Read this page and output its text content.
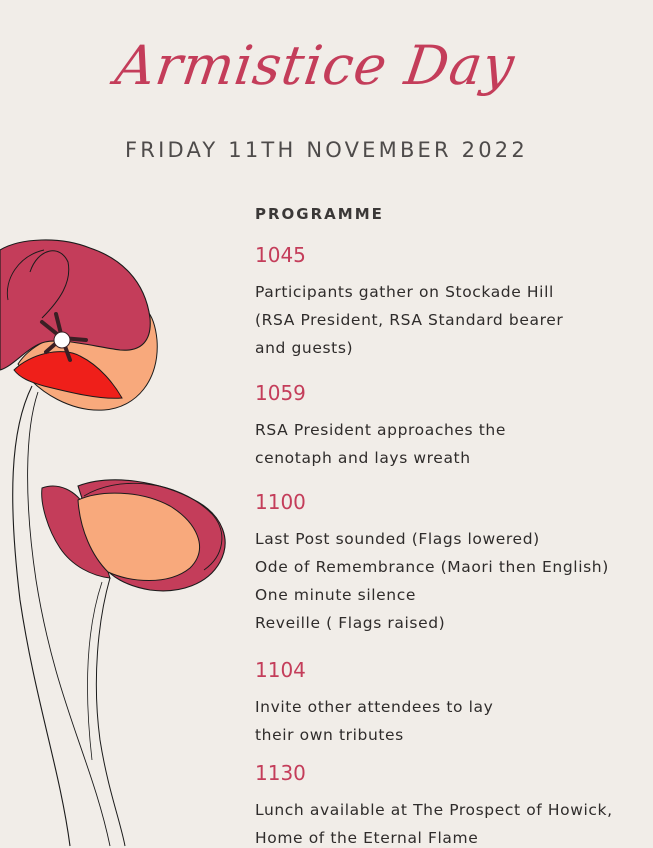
Armistice Day
FRIDAY 11TH NOVEMBER 2022
PROGRAMME
1045
Participants gather on Stockade Hill
(RSA President, RSA Standard bearer
and guests)
1059
RSA President approaches the
cenotaph and lays wreath
1100
Last Post sounded (Flags lowered)
Ode of Remembrance (Maori then English)
One minute silence
Reveille ( Flags raised)
1104
Invite other attendees to lay
their own tributes
1130
Lunch available at The Prospect of Howick,
Home of the Eternal Flame
